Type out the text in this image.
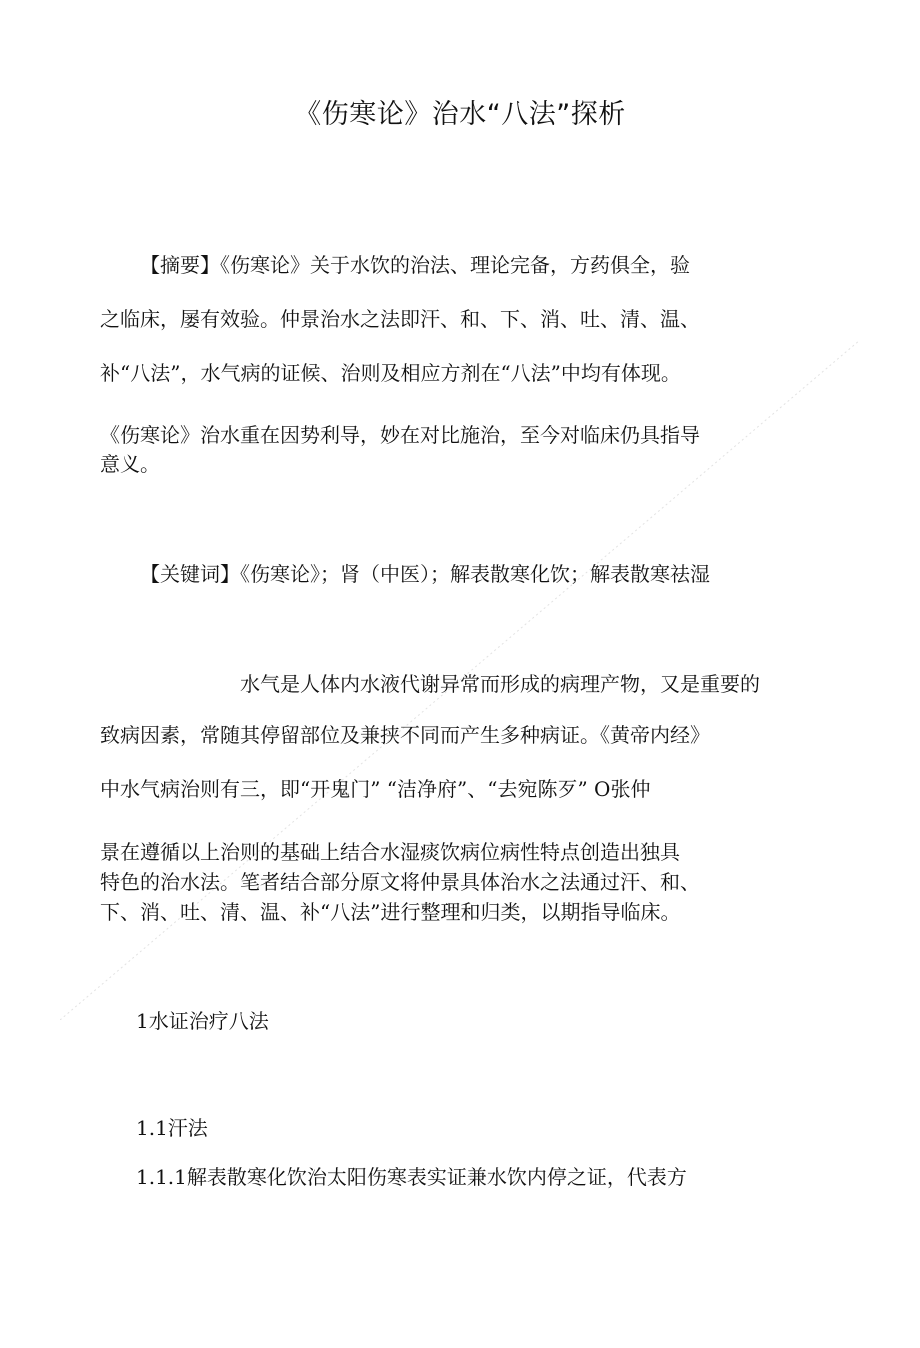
《伤寒论》治水“八法”探析
【摘要】《伤寒论》关于水饮的治法、理论完备，方药俱全，验
之临床，屡有效验。仲景治水之法即汗、和、下、消、吐、清、温、
补“八法”，水气病的证候、治则及相应方剂在“八法”中均有体现。
《伤寒论》治水重在因势利导，妙在对比施治，至今对临床仍具指导
意义。
【关键词】《伤寒论》；肾（中医）；解表散寒化饮；解表散寒祛湿
水气是人体内水液代谢异常而形成的病理产物，又是重要的
致病因素，常随其停留部位及兼挟不同而产生多种病证。《黄帝内经》
中水气病治则有三，即“开鬼门” “洁净府”、“去宛陈歹” O张仲
景在遵循以上治则的基础上结合水湿痰饮病位病性特点创造出独具
特色的治水法。笔者结合部分原文将仲景具体治水之法通过汗、和、
下、消、吐、清、温、补“八法”进行整理和归类，以期指导临床。
1水证治疗八法
1.1汗法
1.1.1解表散寒化饮治太阳伤寒表实证兼水饮内停之证，代表方
